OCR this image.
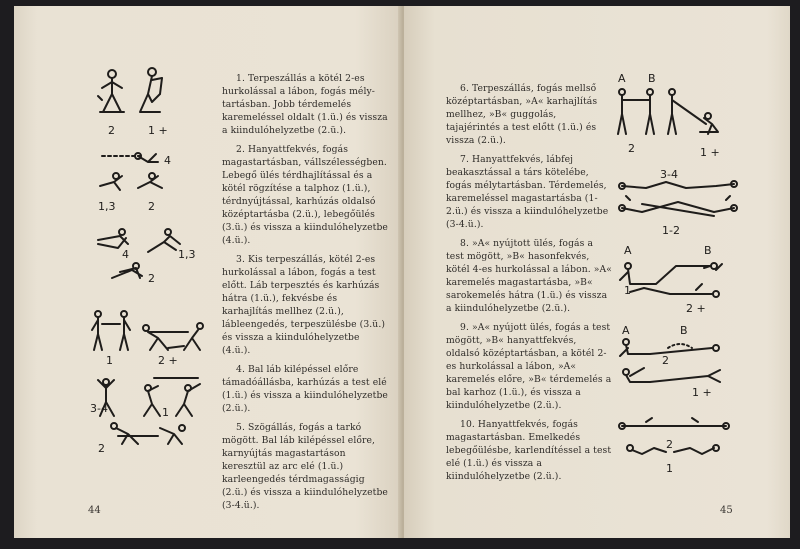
1. Terpeszállás a kötél 2-es hurkolással a lábon, fogás mély-tartásban. Jobb térdemelés karemeléssel oldalt (1.ü.) és vissza a kiindulóhelyzetbe (2.ü.).

2. Hanyattfekvés, fogás magastartásban, vállszélességben. Lebegő ülés térdhajlítással és a kötél rögzítése a talphoz (1.ü.), térdnyújtással, karhúzás oldalsó középtartásba (2.ü.), lebegőülés (3.ü.) és vissza a kiindulóhelyzetbe (4.ü.).

3. Kis terpeszállás, kötél 2-es hurkolással a lábon, fogás a test előtt. Láb terpesztés és karhúzás hátra (1.ü.), fekvésbe és karhajlítás mellhez (2.ü.), lábleengedés, terpeszülésbe (3.ü.) és vissza a kiindulóhelyzetbe (4.ü.).

4. Bal láb kilépéssel előre támadóállásba, karhúzás a test elé (1.ü.) és vissza a kiindulóhelyzetbe (2.ü.).

5. Szögállás, fogás a tarkó mögött. Bal láb kilépéssel előre, karnyújtás magastartáson keresztül az arc elé (1.ü.) karleengedés térdmagasságig (2.ü.) és vissza a kiindulóhelyzetbe (3-4.ü.).

44

6. Terpeszállás, fogás mellső középtartásban, »A« karhajlítás mellhez, »B« guggolás, tajajérintés a test előtt (1.ü.) és vissza (2.ü.).

7. Hanyattfekvés, lábfej beakasztással a társ kötelébe, fogás mélytartásban. Térdemelés, karemeléssel magastartásba (1-2.ü.) és vissza a kiindulóhelyzetbe (3-4.ü.).

8. »A« nyújtott ülés, fogás a test mögött, »B« hasonfekvés, kötél 4-es hurkolással a lábon. »A« karemelés magastartásba, »B« sarokemelés hátra (1.ü.) és vissza a kiindulóhelyzetbe (2.ü.).

9. »A« nyújott ülés, fogás a test mögött, »B« hanyattfekvés, oldalsó középtartásban, a kötél 2-es hurkolással a lábon, »A« karemelés előre, »B« térdemelés a bal karhoz (1.ü.), és vissza a kiindulóhelyzetbe (2.ü.).

10. Hanyattfekvés, fogás magastartásban. Emelkedés lebegőülésbe, karlendítéssel a test elé (1.ü.) és vissza a kiindulóhelyzetbe (2.ü.).

45
2	1 +
4
1,3	2
4	1,3
2
1	2 +
3-4	1
2
A B
2	1 +
3-4
1-2
A	B
1
2 +
A	B
2
1 +
2
1
